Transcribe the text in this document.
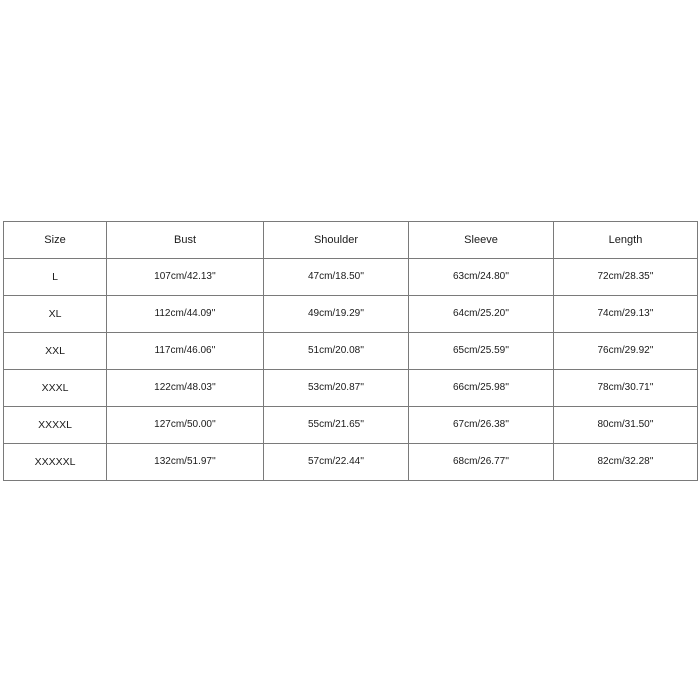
Size	Bust	Shoulder	Sleeve	Length
L	107cm/42.13''	47cm/18.50''	63cm/24.80''	72cm/28.35''
XL	112cm/44.09''	49cm/19.29''	64cm/25.20''	74cm/29.13''
XXL	117cm/46.06''	51cm/20.08''	65cm/25.59''	76cm/29.92''
XXXL	122cm/48.03''	53cm/20.87''	66cm/25.98''	78cm/30.71''
XXXXL	127cm/50.00''	55cm/21.65''	67cm/26.38''	80cm/31.50''
XXXXXL	132cm/51.97''	57cm/22.44''	68cm/26.77''	82cm/32.28''
